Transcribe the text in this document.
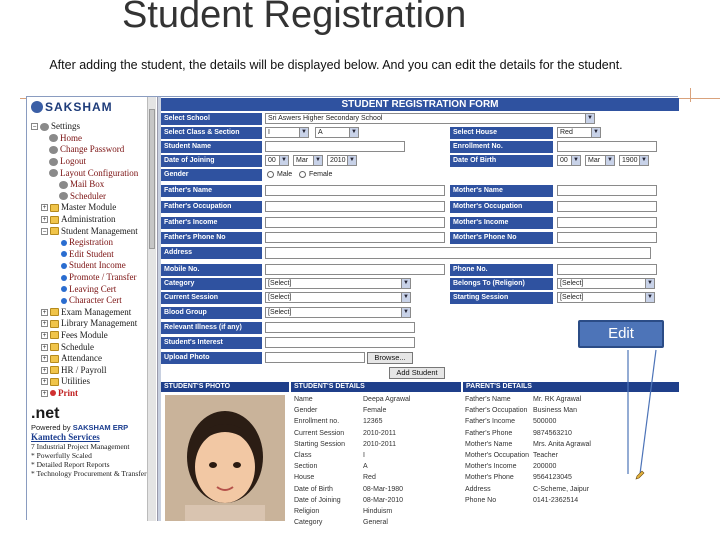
Student Registration
After adding the student, the details will be displayed below. And you can edit the details for the student.
SAKSHAM
− Settings
Home
Change Password
Logout
Layout Configuration
Mail Box
Scheduler
+ Master Module
+ Administration
− Student Management
Registration
Edit Student
Student Income
Promote / Transfer
Leaving Cert
Character Cert
+ Exam Management
+ Library Management
+ Fees Module
+ Schedule
+ Attendance
+ HR / Payroll
+ Utilities
+ Print
.net
Powered by SAKSHAM ERP
Kamtech Services
7 Industrial Project Management
* Powerfully Scaled
* Detailed Report Reports
* Technology Procurement & Transfer
STUDENT REGISTRATION FORM
Select School	Sri Aswers Higher Secondary School	▼
Select Class & Section	I	▼	A	▼	Select House	Red	▼
Student Name	Enrollment No.
Date of Joining	00 ▼	Mar	▼	2010 ▼	Date Of Birth	00 ▼	Mar	▼	1900 ▼
Gender	Male Female
Father's Name	Mother's Name
Father's Occupation	Mother's Occupation
Father's Income	Mother's Income
Father's Phone No	Mother's Phone No
Address
Mobile No.	Phone No.
Category	[Select]	▼	Belongs To (Religion)	[Select]	▼
Current Session	[Select]	▼	Starting Session	[Select]	▼
Blood Group	[Select]	▼
Relevant Illness (if any)
Student's Interest
Upload Photo	Browse...
Add Student
STUDENT'S PHOTO	STUDENT'S DETAILS	PARENT'S DETAILS
Name	Deepa Agrawal
Gender	Female
Enrollment no.	12365
Current Session	2010-2011
Starting Session	2010-2011
Class	I
Section	A
House	Red
Date of Birth	08-Mar-1980
Date of Joining	08-Mar-2010
Religion	Hinduism
Category	General
Father's Name	Mr. RK Agrawal
Father's Occupation Business Man
Father's Income	500000
Father's Phone	9874563210
Mother's Name	Mrs. Anita Agrawal
Mother's Occupation Teacher
Mother's Income 200000
Mother's Phone	9564123045
Address	C-Scheme, Jaipur
Phone No	0141-2362514
Edit
